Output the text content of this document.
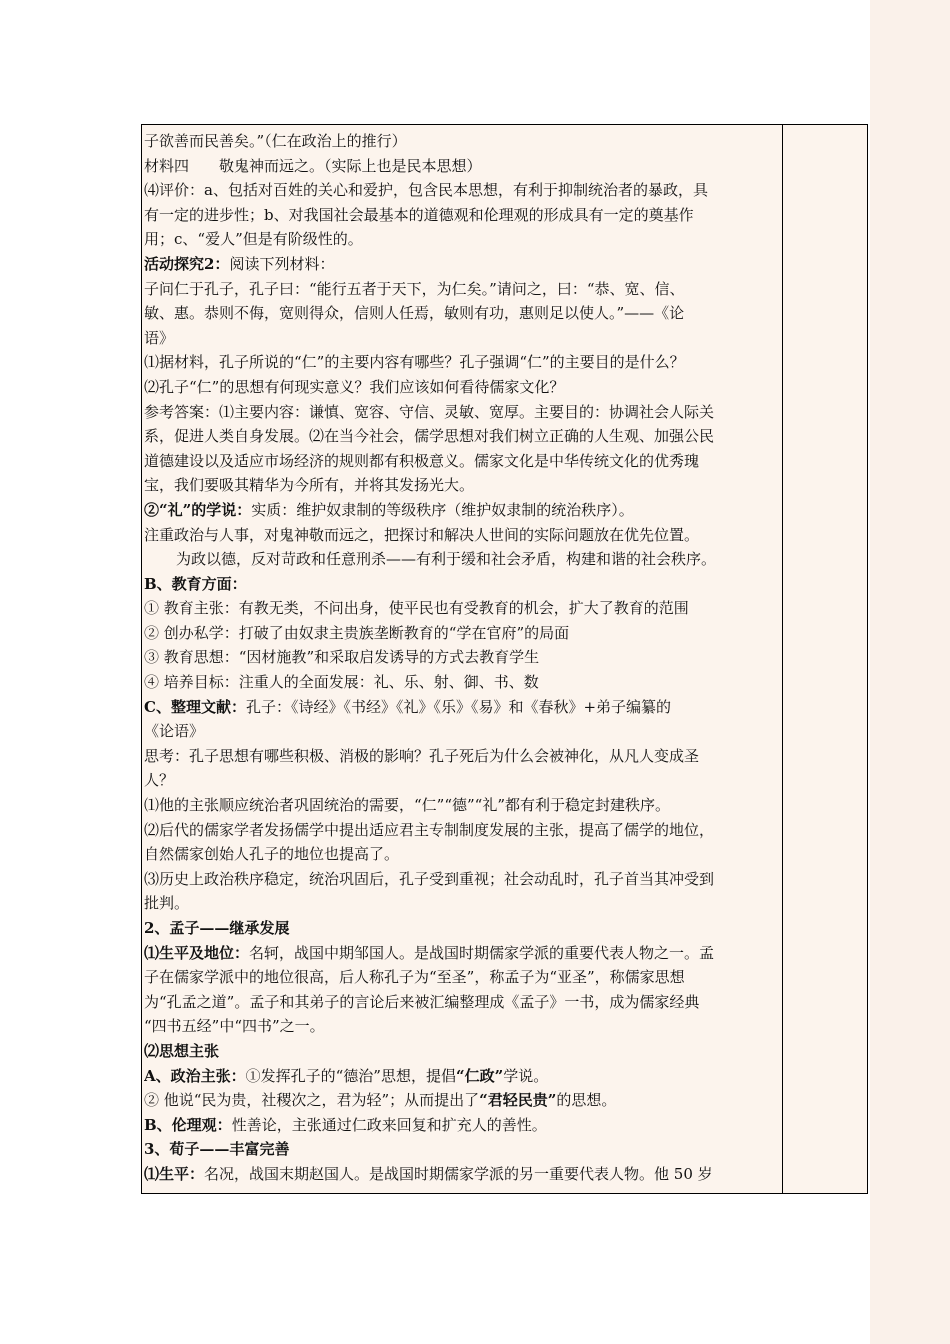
子欲善而民善矣。”（仁在政治上的推行）
材料四　　敬鬼神而远之。（实际上也是民本思想）
⑷评价：a、包括对百姓的关心和爱护，包含民本思想，有利于抑制统治者的暴政，具
有一定的进步性；b、对我国社会最基本的道德观和伦理观的形成具有一定的奠基作
用；c、“爱人”但是有阶级性的。
活动探究2：阅读下列材料：
子问仁于孔子，孔子曰：“能行五者于天下，为仁矣。”请问之，曰：“恭、宽、信、
敏、惠。恭则不侮，宽则得众，信则人任焉，敏则有功，惠则足以使人。”——《论
语》
⑴据材料，孔子所说的“仁”的主要内容有哪些？孔子强调“仁”的主要目的是什么？
⑵孔子“仁”的思想有何现实意义？我们应该如何看待儒家文化？
参考答案：⑴主要内容：谦慎、宽容、守信、灵敏、宽厚。主要目的：协调社会人际关
系，促进人类自身发展。⑵在当今社会，儒学思想对我们树立正确的人生观、加强公民
道德建设以及适应市场经济的规则都有积极意义。儒家文化是中华传统文化的优秀瑰
宝，我们要吸其精华为今所有，并将其发扬光大。
②“礼”的学说：实质：维护奴隶制的等级秩序（维护奴隶制的统治秩序）。
注重政治与人事，对鬼神敬而远之，把探讨和解决人世间的实际问题放在优先位置。
为政以德，反对苛政和任意刑杀——有利于缓和社会矛盾，构建和谐的社会秩序。
B、教育方面：
① 教育主张：有教无类，不问出身，使平民也有受教育的机会，扩大了教育的范围
② 创办私学：打破了由奴隶主贵族垄断教育的“学在官府”的局面
③ 教育思想：“因材施教”和采取启发诱导的方式去教育学生
④ 培养目标：注重人的全面发展：礼、乐、射、御、书、数
C、整理文献：孔子：《诗经》《书经》《礼》《乐》《易》和《春秋》+弟子编纂的
《论语》
思考：孔子思想有哪些积极、消极的影响？孔子死后为什么会被神化，从凡人变成圣
人？
⑴他的主张顺应统治者巩固统治的需要，“仁”“德”“礼”都有利于稳定封建秩序。
⑵后代的儒家学者发扬儒学中提出适应君主专制制度发展的主张，提高了儒学的地位，
自然儒家创始人孔子的地位也提高了。
⑶历史上政治秩序稳定，统治巩固后，孔子受到重视；社会动乱时，孔子首当其冲受到
批判。
2、孟子——继承发展
⑴生平及地位：名轲，战国中期邹国人。是战国时期儒家学派的重要代表人物之一。孟
子在儒家学派中的地位很高，后人称孔子为“至圣”，称孟子为“亚圣”，称儒家思想
为“孔孟之道”。孟子和其弟子的言论后来被汇编整理成《孟子》一书，成为儒家经典
“四书五经”中“四书”之一。
⑵思想主张
A、政治主张：①发挥孔子的“德治”思想，提倡“仁政”学说。
② 他说“民为贵，社稷次之，君为轻”；从而提出了“君轻民贵”的思想。
B、伦理观：性善论，主张通过仁政来回复和扩充人的善性。
3、荀子——丰富完善
⑴生平：名况，战国末期赵国人。是战国时期儒家学派的另一重要代表人物。他 50 岁
